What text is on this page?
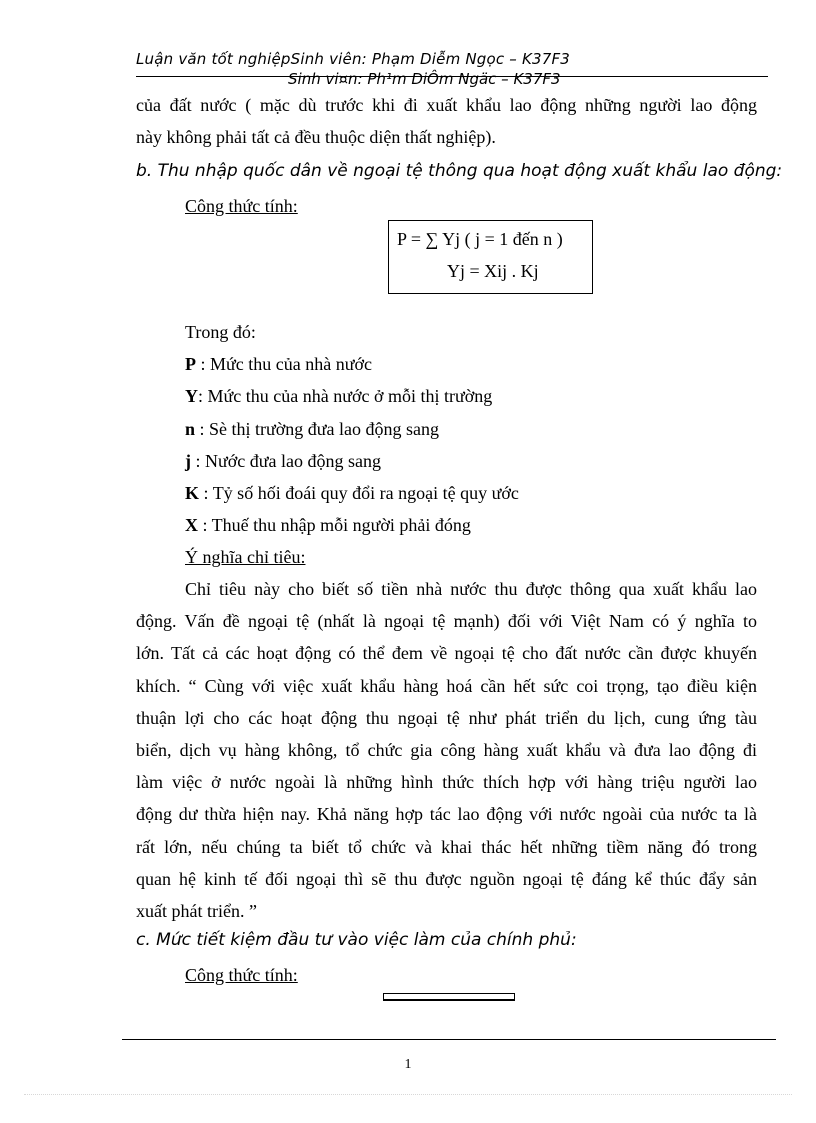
Luận văn tốt nghiệpSinh viên: Phạm Diễm Ngọc – K37F3
Sinh vi¤n: Ph¹m DiÔm Ngäc – K37F3
của đất nước ( mặc dù trước khi đi xuất khẩu lao động những người lao động
này không phải tất cả đều thuộc diện thất nghiệp).
b. Thu nhập quốc dân về ngoại tệ thông qua hoạt động xuất khẩu lao động:
Công thức tính:
P = ∑ Yj ( j = 1 đến n )
Yj = Xij . Kj
Trong đó:
P : Mức thu của nhà nước
Y: Mức thu của nhà nước ở mỗi thị trường
n : Sè thị trường đưa lao động sang
j : Nước đưa lao động sang
K : Tỷ số hối đoái quy đổi ra ngoại tệ quy ước
X : Thuế thu nhập mỗi người phải đóng
Ý nghĩa chỉ tiêu:
Chỉ tiêu này cho biết số tiền nhà nước thu được thông qua xuất khẩu lao
động. Vấn đề ngoại tệ (nhất là ngoại tệ mạnh) đối với Việt Nam có ý nghĩa to
lớn. Tất cả các hoạt động có thể đem về ngoại tệ cho đất nước cần được khuyến
khích. “ Cùng với việc xuất khẩu hàng hoá cần hết sức coi trọng, tạo điều kiện
thuận lợi cho các hoạt động thu ngoại tệ như phát triển du lịch, cung ứng tàu
biển, dịch vụ hàng không, tổ chức gia công hàng xuất khẩu và đưa lao động đi
làm việc ở nước ngoài là những hình thức thích hợp với hàng triệu người lao
động dư thừa hiện nay. Khả năng hợp tác lao động với nước ngoài của nước ta là
rất lớn, nếu chúng ta biết tổ chức và khai thác hết những tiềm năng đó trong
quan hệ kinh tế đối ngoại thì sẽ thu được nguồn ngoại tệ đáng kể thúc đẩy sản
xuất phát triển. ”
c. Mức tiết kiệm đầu tư vào việc làm của chính phủ:
Công thức tính:
1
